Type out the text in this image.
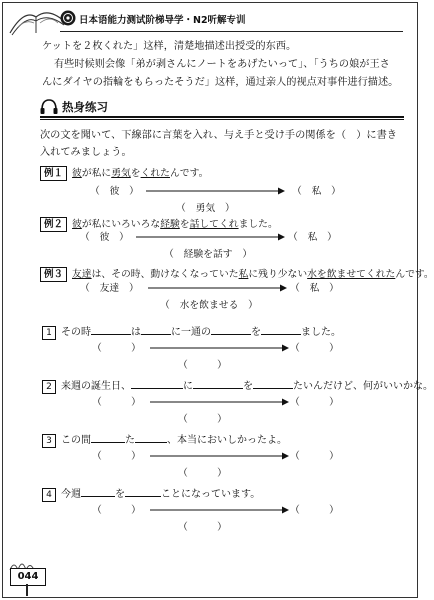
日本语能力测试阶梯导学・N2听解专训
ケットを２枚くれた」这样，清楚地描述出授受的东西。
有些时候则会像「弟が剥さんにノートをあげたいって」、「うちの娘が王さ
んにダイヤの指輪をもらったそうだ」这样，通过亲人的视点对事件进行描述。
热身练习
次の文を聞いて、下線部に言葉を入れ、与え手と受け手の関係を（　）に書き
入れてみましょう。
例１ 彼が私に勇気をくれたんです。
（　彼　）	（　私　）
（　勇気　）
例２ 彼が私にいろいろな経験を話してくれました。
（　彼　）	（　私　）
（　経験を話す　）
例３ 友達は、その時、動けなくなっていた私に残り少ない水を飲ませてくれたんです。
（　友達　）	（　私　）
（　水を飲ませる　）
1 その時	は	に一通の	を	ました。
（　　　）	（　　　）
（　　　）
2 来週の誕生日、	に	を	たいんだけど、何がいいかな。
（　　　）	（　　　）
（　　　）
3 この間	た	、本当においしかったよ。
（　　　）	（　　　）
（　　　）
4 今週	を	ことになっています。
（　　　）	（　　　）
（　　　）
044
